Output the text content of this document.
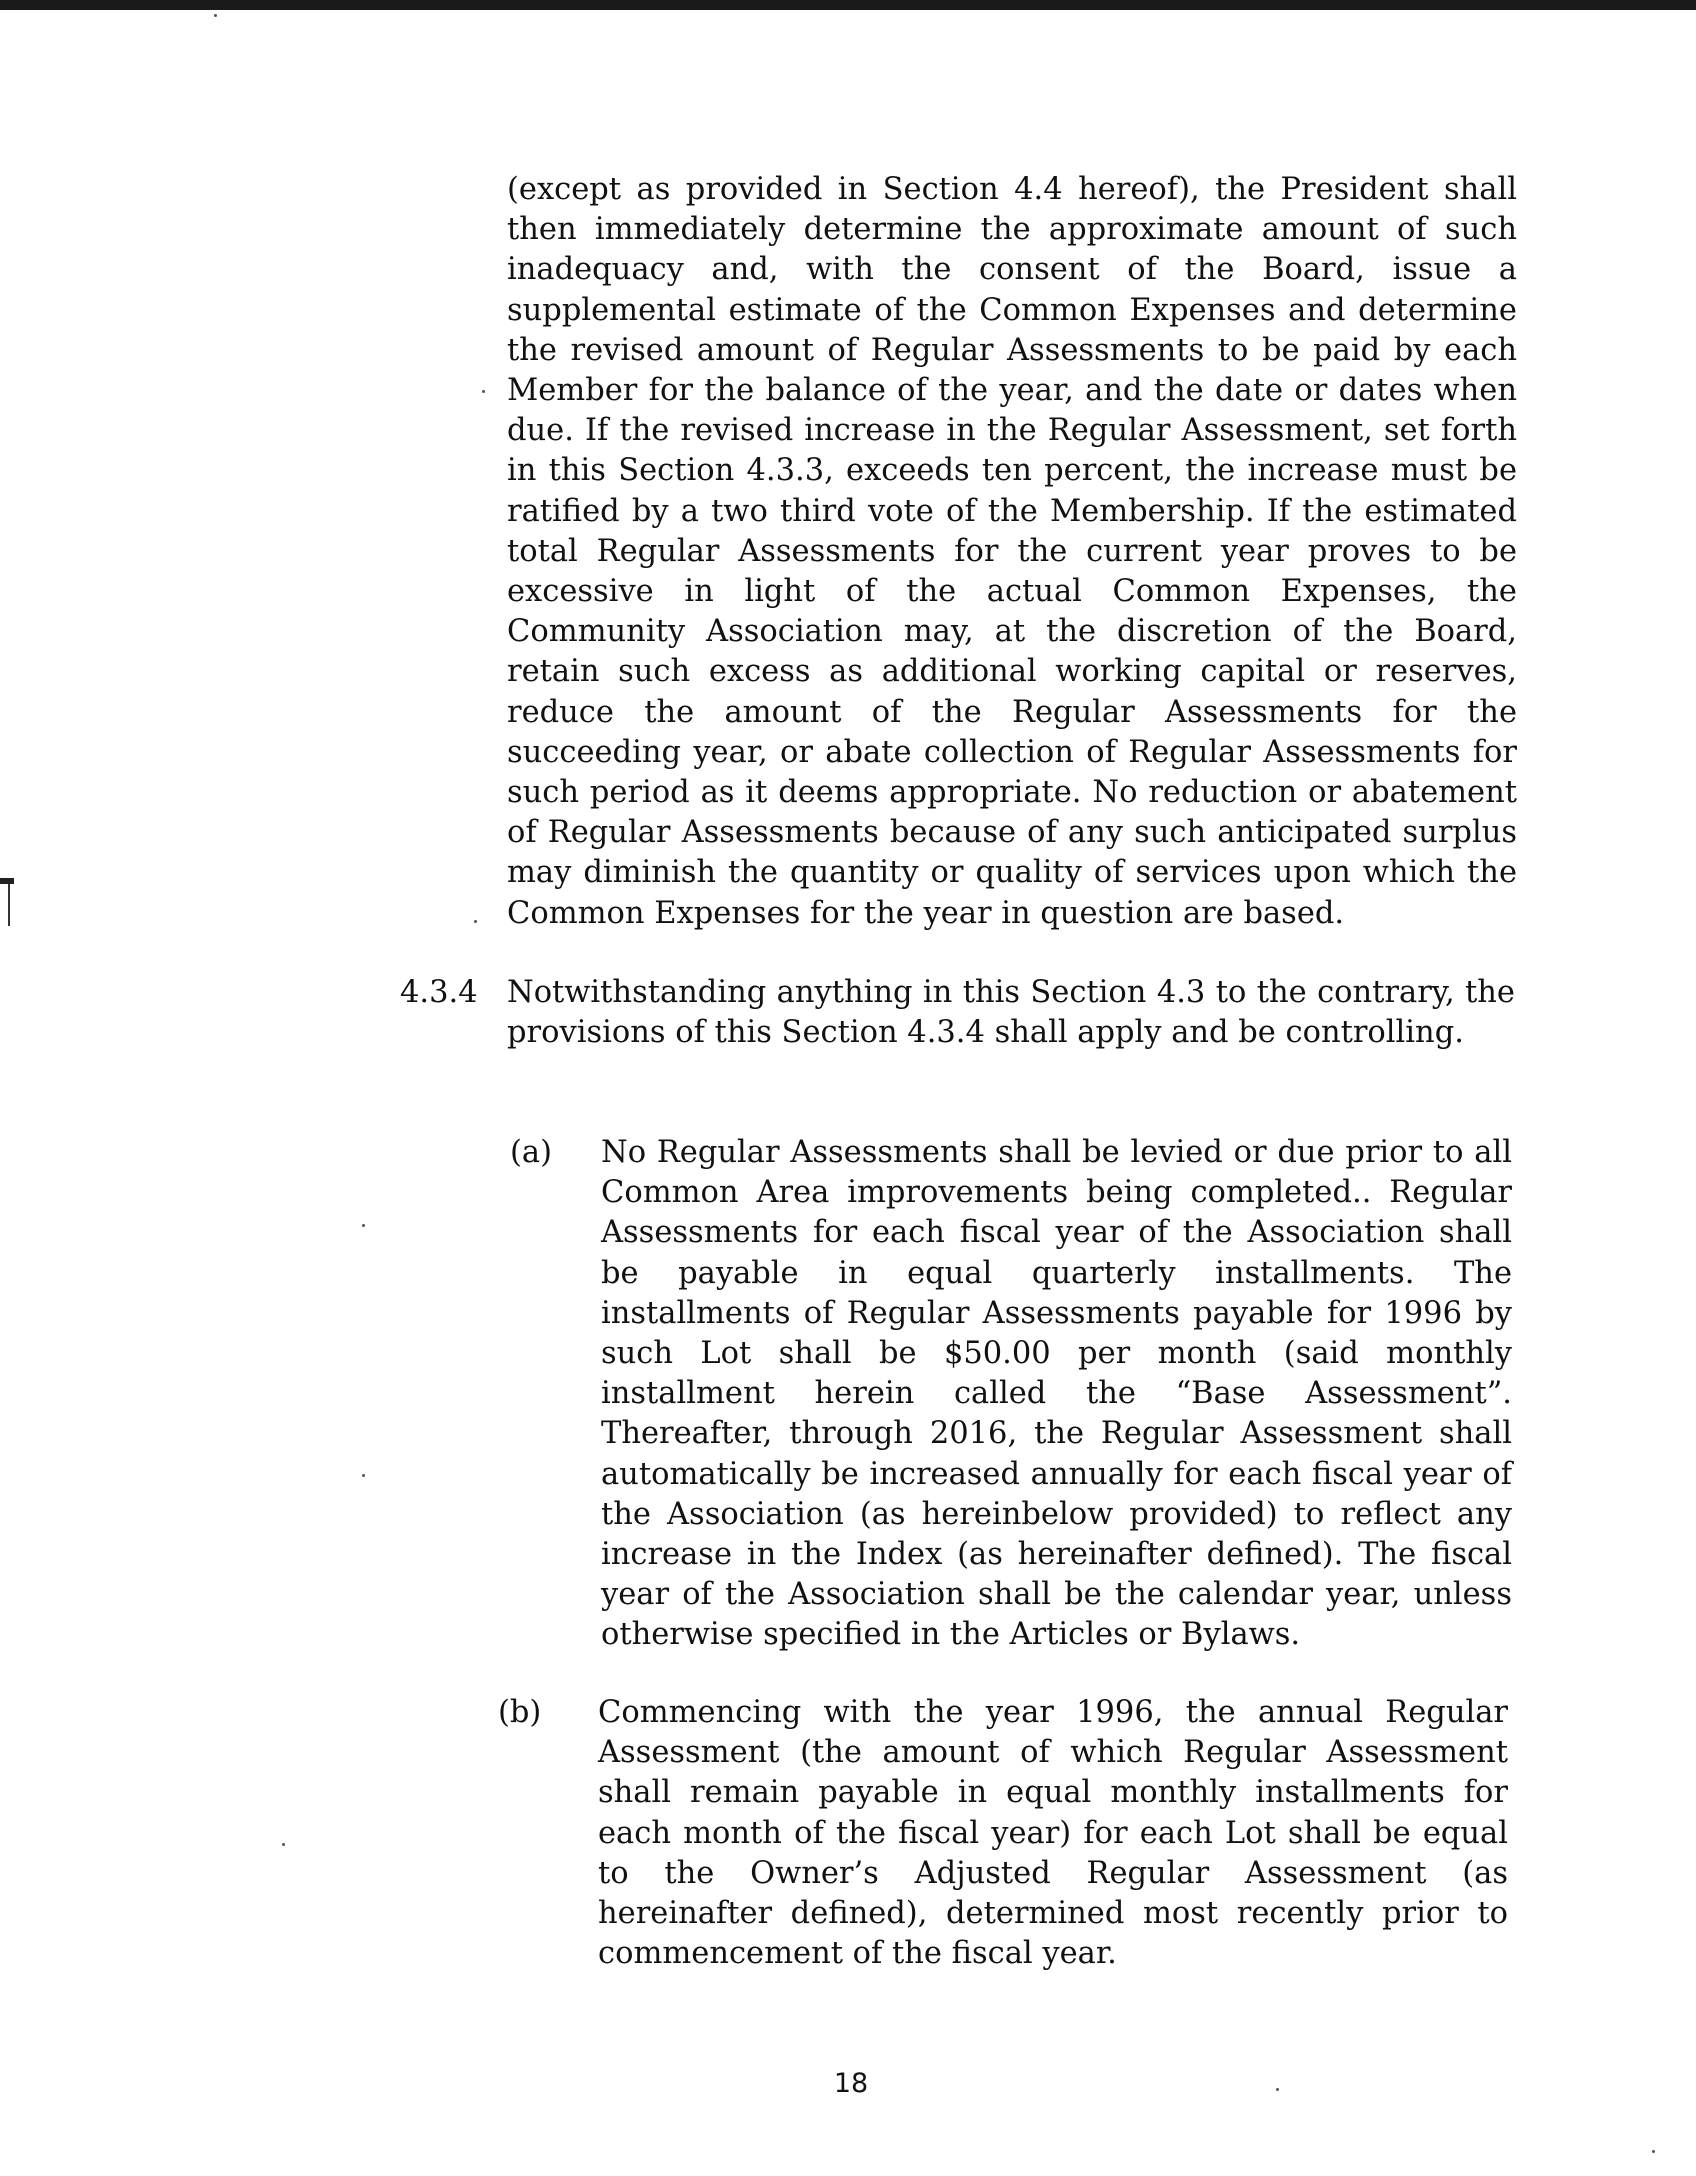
(except as provided in Section 4.4 hereof), the President shall then immediately determine the approximate amount of such inadequacy and, with the consent of the Board, issue a supplemental estimate of the Common Expenses and determine the revised amount of Regular Assessments to be paid by each Member for the balance of the year, and the date or dates when due. If the revised increase in the Regular Assessment, set forth in this Section 4.3.3, exceeds ten percent, the increase must be ratified by a two third vote of the Membership. If the estimated total Regular Assessments for the current year proves to be excessive in light of the actual Common Expenses, the Community Association may, at the discretion of the Board, retain such excess as additional working capital or reserves, reduce the amount of the Regular Assessments for the succeeding year, or abate collection of Regular Assessments for such period as it deems appropriate. No reduction or abatement of Regular Assessments because of any such anticipated surplus may diminish the quantity or quality of services upon which the Common Expenses for the year in question are based.

4.3.4 Notwithstanding anything in this Section 4.3 to the contrary, the provisions of this Section 4.3.4 shall apply and be controlling.

(a) No Regular Assessments shall be levied or due prior to all Common Area improvements being completed.. Regular Assessments for each fiscal year of the Association shall be payable in equal quarterly installments. The installments of Regular Assessments payable for 1996 by such Lot shall be $50.00 per month (said monthly installment herein called the “Base Assessment”. Thereafter, through 2016, the Regular Assessment shall automatically be increased annually for each fiscal year of the Association (as hereinbelow provided) to reflect any increase in the Index (as hereinafter defined). The fiscal year of the Association shall be the calendar year, unless otherwise specified in the Articles or Bylaws.

(b) Commencing with the year 1996, the annual Regular Assessment (the amount of which Regular Assessment shall remain payable in equal monthly installments for each month of the fiscal year) for each Lot shall be equal to the Owner’s Adjusted Regular Assessment (as hereinafter defined), determined most recently prior to commencement of the fiscal year.

18
